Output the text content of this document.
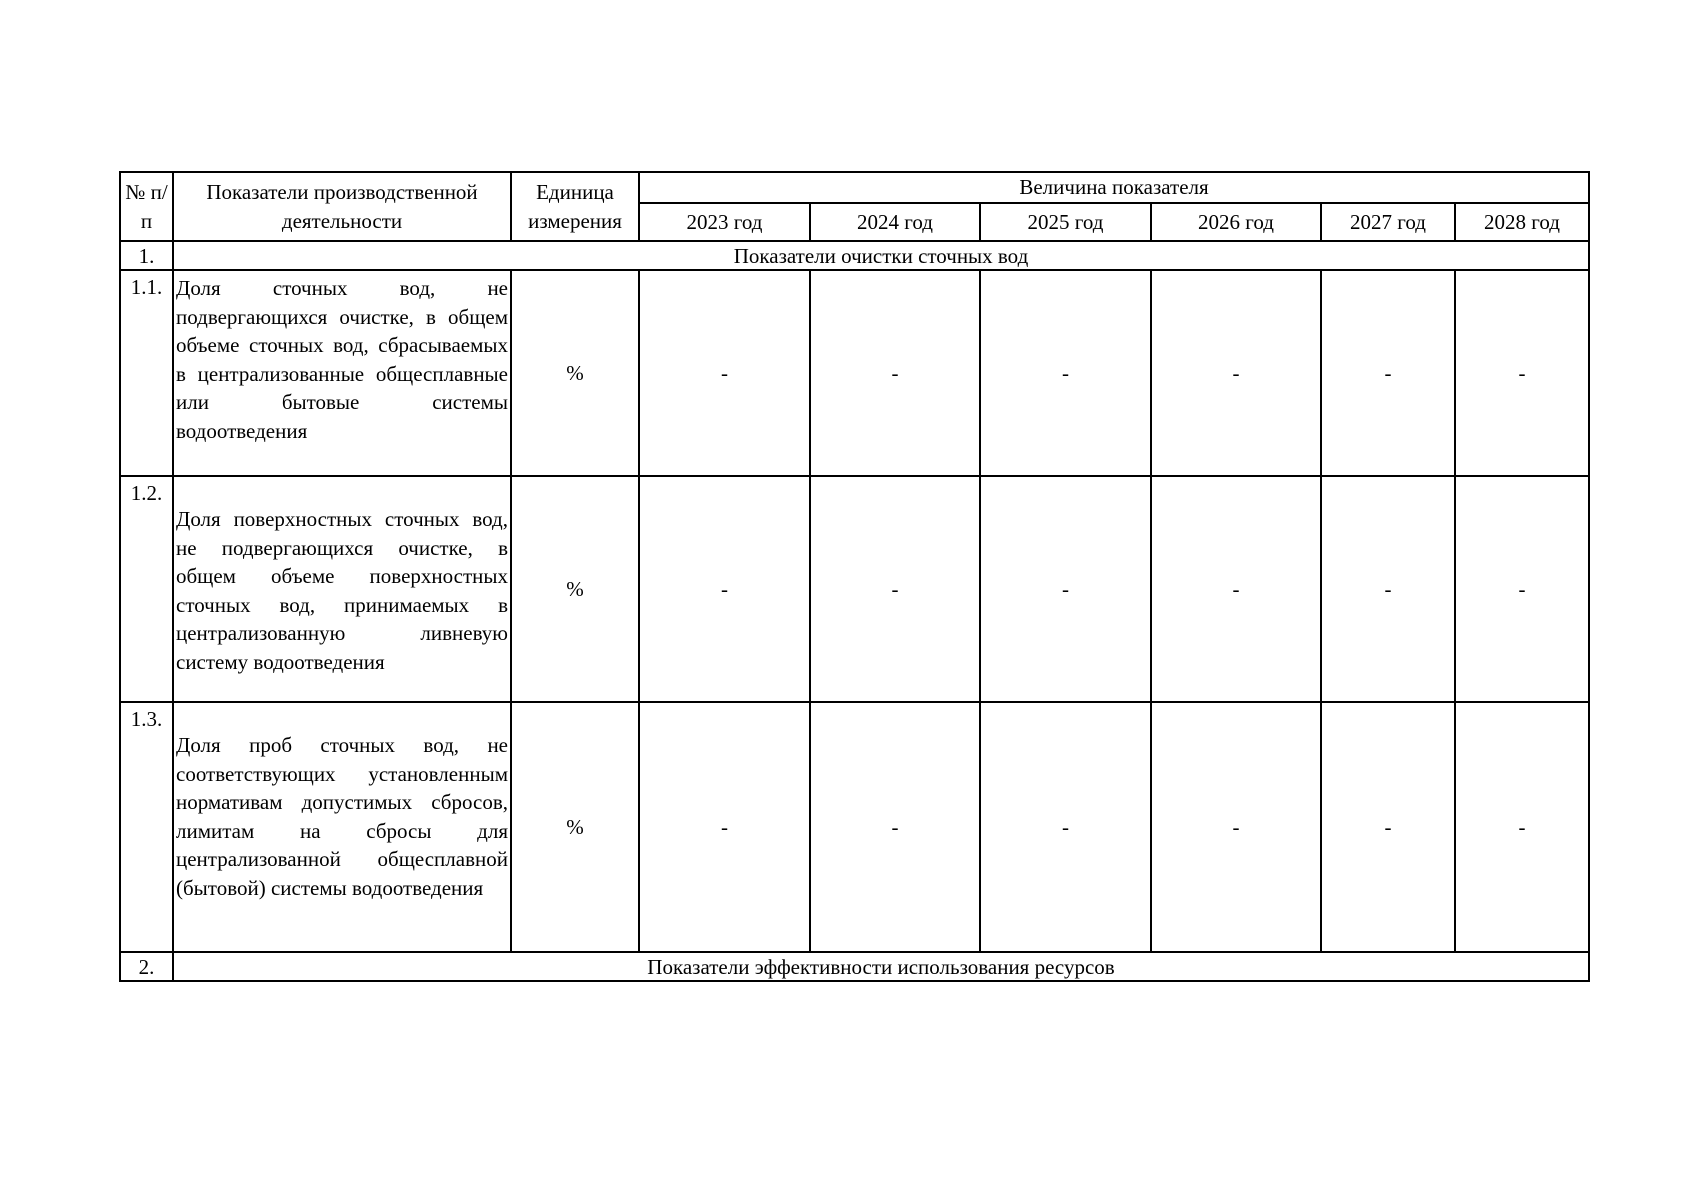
№ п/п	Показатели производственной деятельности	Единица измерения	Величина показателя					
			2023 год	2024 год	2025 год	2026 год	2027 год	2028 год
1.	Показатели очистки сточных вод							
1.1.	Доля сточных вод, не подвергающихся очистке, в общем объеме сточных вод, сбрасываемых в централизованные общесплавные или бытовые системы водоотведения	%	-	-	-	-	-	-
1.2.	Доля поверхностных сточных вод, не подвергающихся очистке, в общем объеме поверхностных сточных вод, принимаемых в централизованную ливневую систему водоотведения	%	-	-	-	-	-	-
1.3.	Доля проб сточных вод, не соответствующих установленным нормативам допустимых сбросов, лимитам на сбросы для централизованной общесплавной (бытовой) системы водоотведения	%	-	-	-	-	-	-
2.	Показатели эффективности использования ресурсов							
